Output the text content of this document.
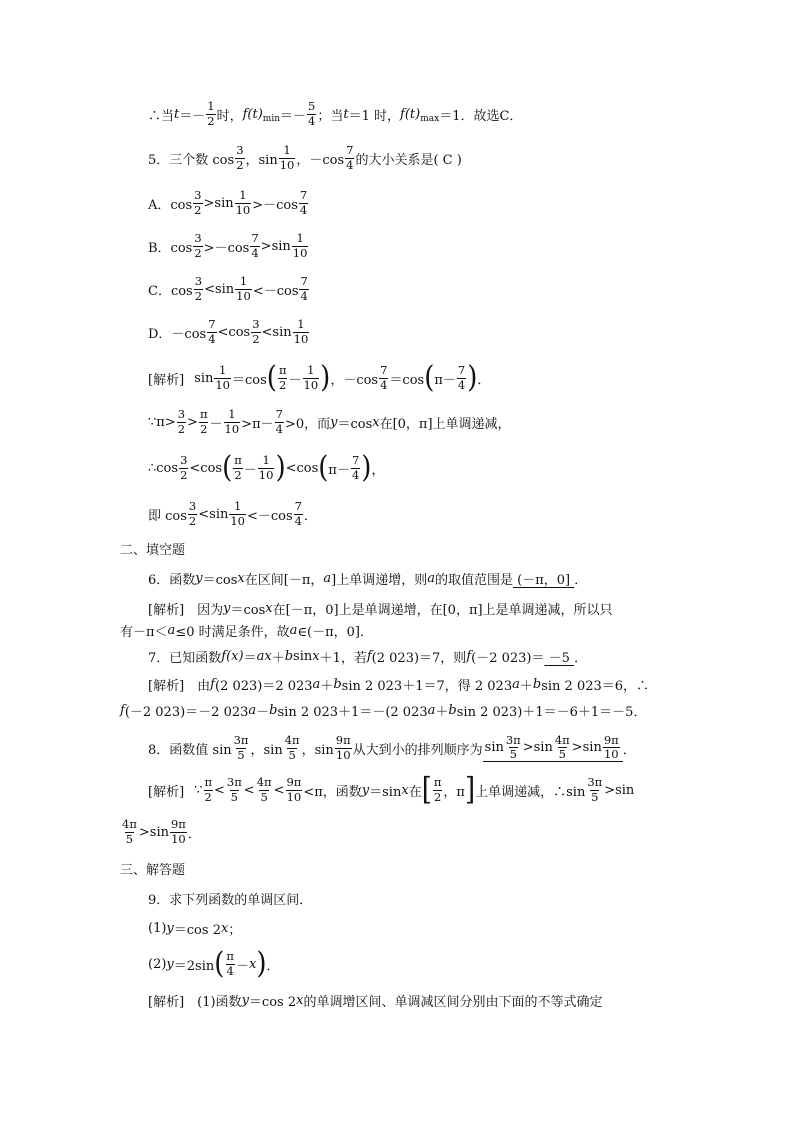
∴当 $t =- \frac{1}{2}$ 时， f (t) $\min =- \frac{5}{4}$ ；当 t ＝1 时， f (t) max ＝1．故选C．
5．三个数 $\cos \frac{3}{2}$ ，$\sin \frac{1}{10}$ ，$-\cos \frac{7}{4}$ 的大小关系是( C )
A．$\cos \frac{3}{2} >\sin \frac{1}{10} >-\cos \frac{7}{4}$
B．$\cos \frac{3}{2} >-\cos \frac{7}{4} >\sin \frac{1}{10}$
C．$\cos \frac{3}{2} <\sin \frac{1}{10} <-\cos \frac{7}{4}$
D．$-\cos \frac{7}{4} <\cos \frac{3}{2} <\sin \frac{1}{10}$
[解析] $\sin \frac{1}{10} =\cos$ ( $\frac{\pi}{2} - \frac{1}{10}$ ) ，$-\cos \frac{7}{4} =\cos$ ( $\pi- \frac{7}{4}$ ) ．
∵π> $\frac{3}{2} > \frac{\pi}{2} - \frac{1}{10} >\pi- \frac{7}{4} >0$，而 y ＝cos x 在[0，π]上单调递减，
∴cos $\frac{3}{2} <\cos$ ( $\frac{\pi}{2} - \frac{1}{10}$ ) <cos ( $\pi- \frac{7}{4}$ ) ，
即 $\cos \frac{3}{2} <\sin \frac{1}{10} <-\cos \frac{7}{4}$ ．
二、填空题
6．函数 y ＝cos x 在区间[－π， a ]上单调递增，则 a 的取值范围是 (－π，0] ．
[解析]　因为 y ＝cos x 在[－π，0]上是单调递增，在[0，π]上是单调递减，所以只
有－π＜ a ≤0 时满足条件，故 a ∈(－π，0]．
7．已知函数 f (x) ＝ ax ＋ b sin x ＋1，若 f (2 023)＝7，则 f (－2 023)＝ －5 ．
[解析]　由 f (2 023)＝2 023 a ＋ b sin 2 023＋1＝7，得 2 023 a ＋ b sin 2 023＝6，∴
f (－2 023)＝－2 023 a － b sin 2 023＋1＝－(2 023 a ＋ b sin 2 023)＋1＝－6＋1＝－5．
8．函数值 $\sin \frac{3\pi}{5}$ ，$\sin \frac{4\pi}{5}$ ，$\sin \frac{9\pi}{10}$ 从大到小的排列顺序为 $\sin \frac{3\pi}{5} >\sin \frac{4\pi}{5} >\sin \frac{9\pi}{10}$ ．
[解析] ∵ $\frac{\pi}{2} < \frac{3\pi}{5} < \frac{4\pi}{5} < \frac{9\pi}{10} <\pi$，函数 y ＝sin x 在 [ $\frac{\pi}{2}$ ，π ] 上单调递减，∴sin $\frac{3\pi}{5} >\sin$
$\frac{4\pi}{5} >\sin \frac{9\pi}{10}$ ．
三、解答题
9．求下列函数的单调区间．
(1) y ＝cos 2 x ；
(2) y ＝2sin ( $\frac{\pi}{4} - x$ ) ．
[解析]　(1)函数 y ＝cos 2 x 的单调增区间、单调减区间分别由下面的不等式确定
